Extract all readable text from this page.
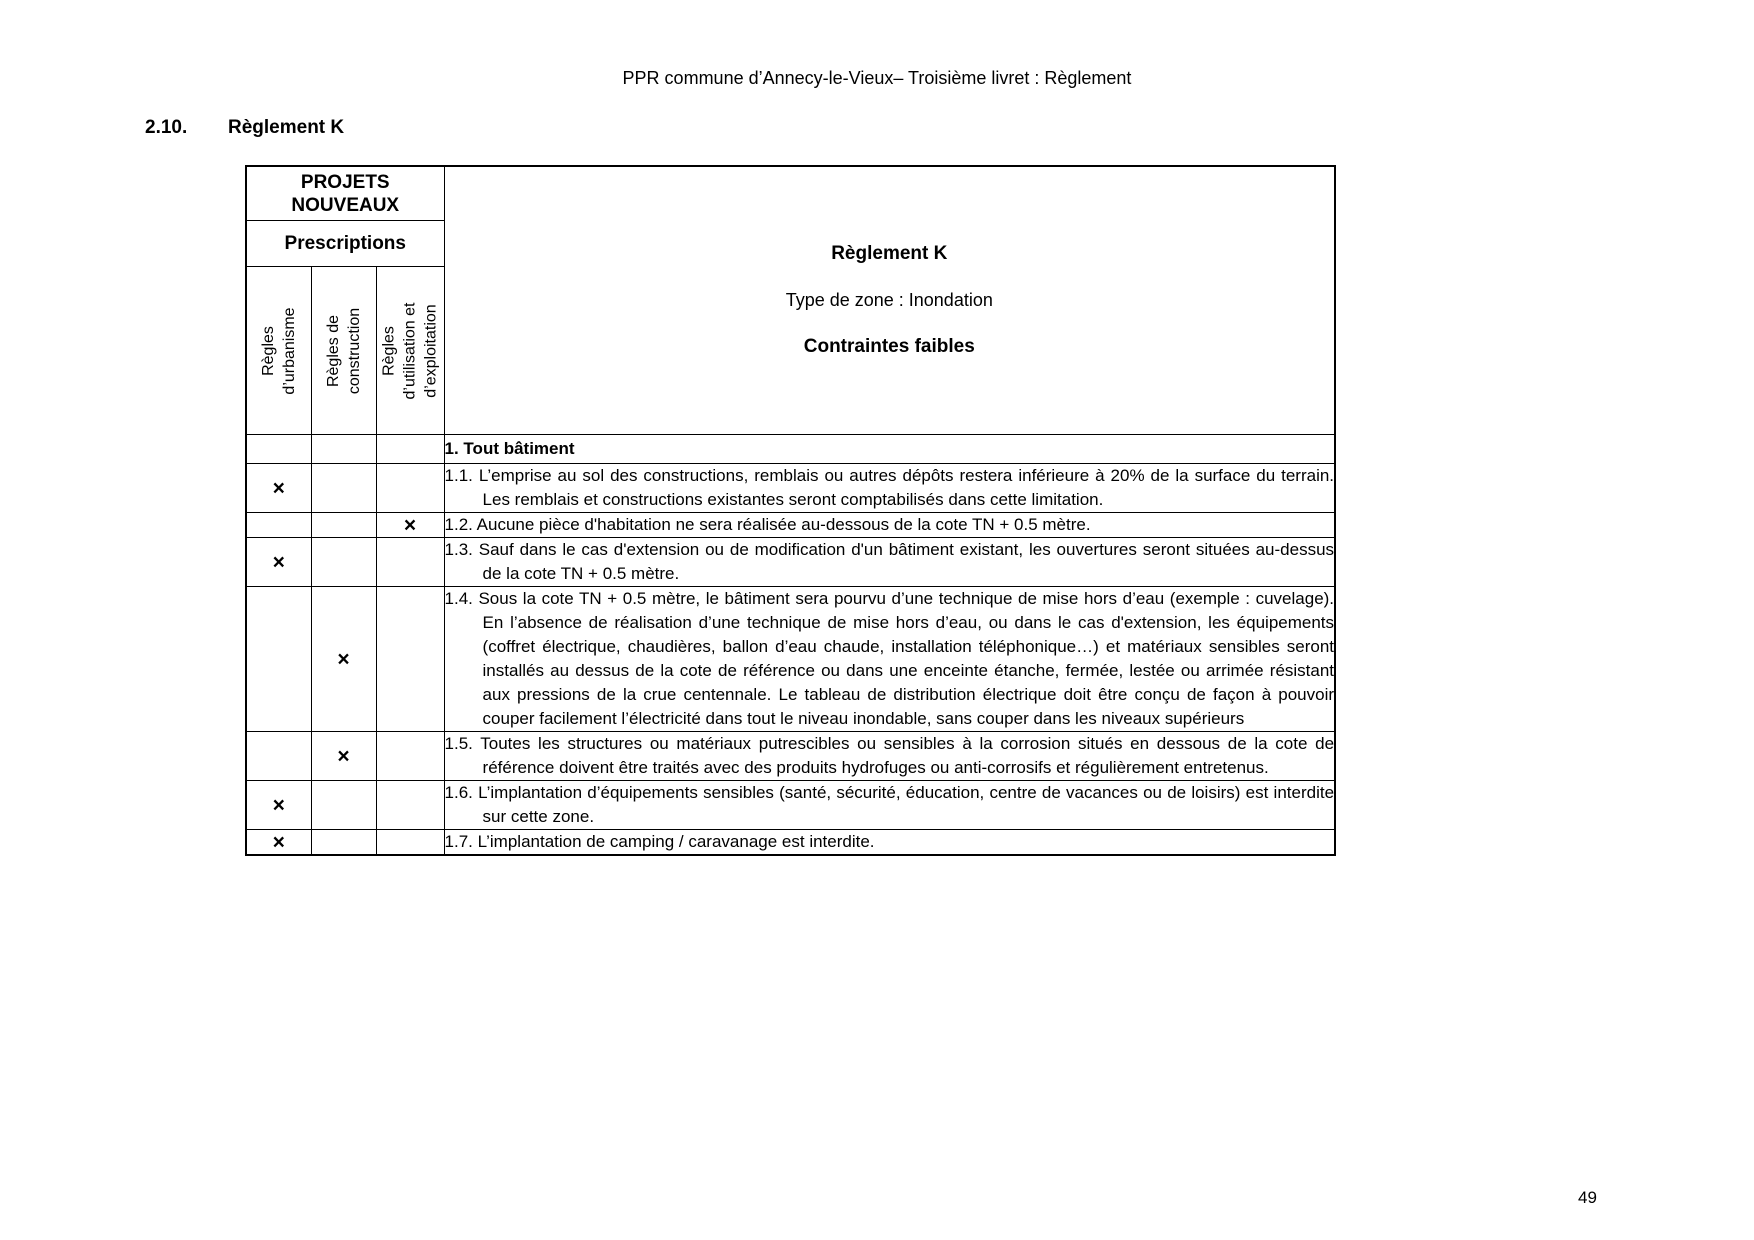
PPR commune d’Annecy-le-Vieux– Troisième livret : Règlement
2.10. Règlement K
PROJETS NOUVEAUX			Règlement K
Type de zone : Inondation
Contraintes faibles

Prescriptions			

Règles d’urbanisme	Règles de construction	Règles d’utilisation et d’exploitation	

			1. Tout bâtiment
×			1.1. L’emprise au sol des constructions, remblais ou autres dépôts restera inférieure à 20% de la surface du terrain. Les remblais et constructions existantes seront comptabilisés dans cette limitation.

		×	1.2. Aucune pièce d'habitation ne sera réalisée au-dessous de la cote TN + 0.5 mètre.

×			1.3. Sauf dans le cas d'extension ou de modification d'un bâtiment existant, les ouvertures seront situées au-dessus de la cote TN + 0.5 mètre.

	×		1.4. Sous la cote TN + 0.5 mètre, le bâtiment sera pourvu d’une technique de mise hors d’eau (exemple : cuvelage). En l’absence de réalisation d’une technique de mise hors d’eau, ou dans le cas d'extension, les équipements (coffret électrique, chaudières, ballon d’eau chaude, installation téléphonique…) et matériaux sensibles seront installés au dessus de la cote de référence ou dans une enceinte étanche, fermée, lestée ou arrimée résistant aux pressions de la crue centennale. Le tableau de distribution électrique doit être conçu de façon à pouvoir couper facilement l’électricité dans tout le niveau inondable, sans couper dans les niveaux supérieurs

	×		1.5. Toutes les structures ou matériaux putrescibles ou sensibles à la corrosion situés en dessous de la cote de référence doivent être traités avec des produits hydrofuges ou anti-corrosifs et régulièrement entretenus.

×			1.6. L’implantation d’équipements sensibles (santé, sécurité, éducation, centre de vacances ou de loisirs) est interdite sur cette zone.

×			1.7. L’implantation de camping / caravanage est interdite.
49
